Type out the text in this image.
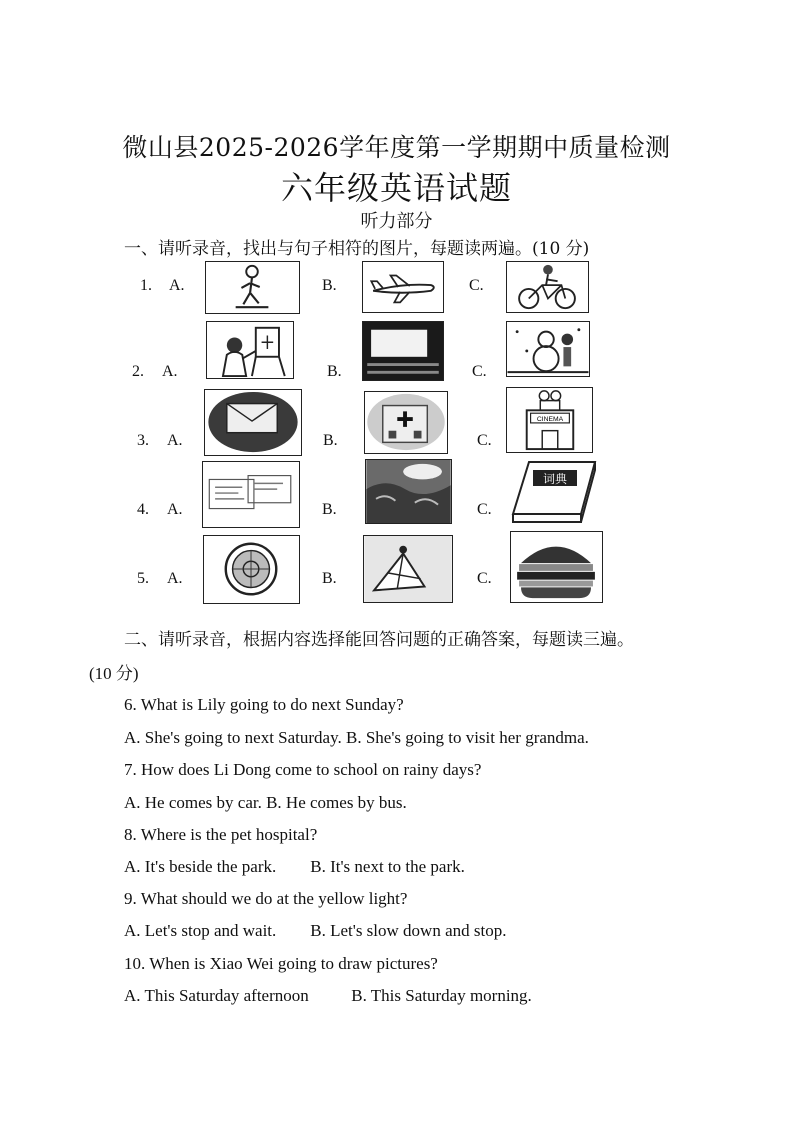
微山县2025-2026学年度第一学期期中质量检测
六年级英语试题
听力部分
一、请听录音，找出与句子相符的图片，每题读两遍。(10 分)
1. A.	B.	C.
2. A.	B.	C.
3. A.	B.	C.
CINEMA
4. A.	B.	C.
词典
5. A.	B.	C.
二、请听录音，根据内容选择能回答问题的正确答案，每题读三遍。
(10 分)
6. What is Lily going to do next Sunday?
A. She's going to next Saturday. B. She's going to visit her grandma.
7. How does Li Dong come to school on rainy days?
A. He comes by car. B. He comes by bus.
8. Where is the pet hospital?
A. It's beside the park.        B. It's next to the park.
9. What should we do at the yellow light?
A. Let's stop and wait.        B. Let's slow down and stop.
10. When is Xiao Wei going to draw pictures?
A. This Saturday afternoon          B. This Saturday morning.
